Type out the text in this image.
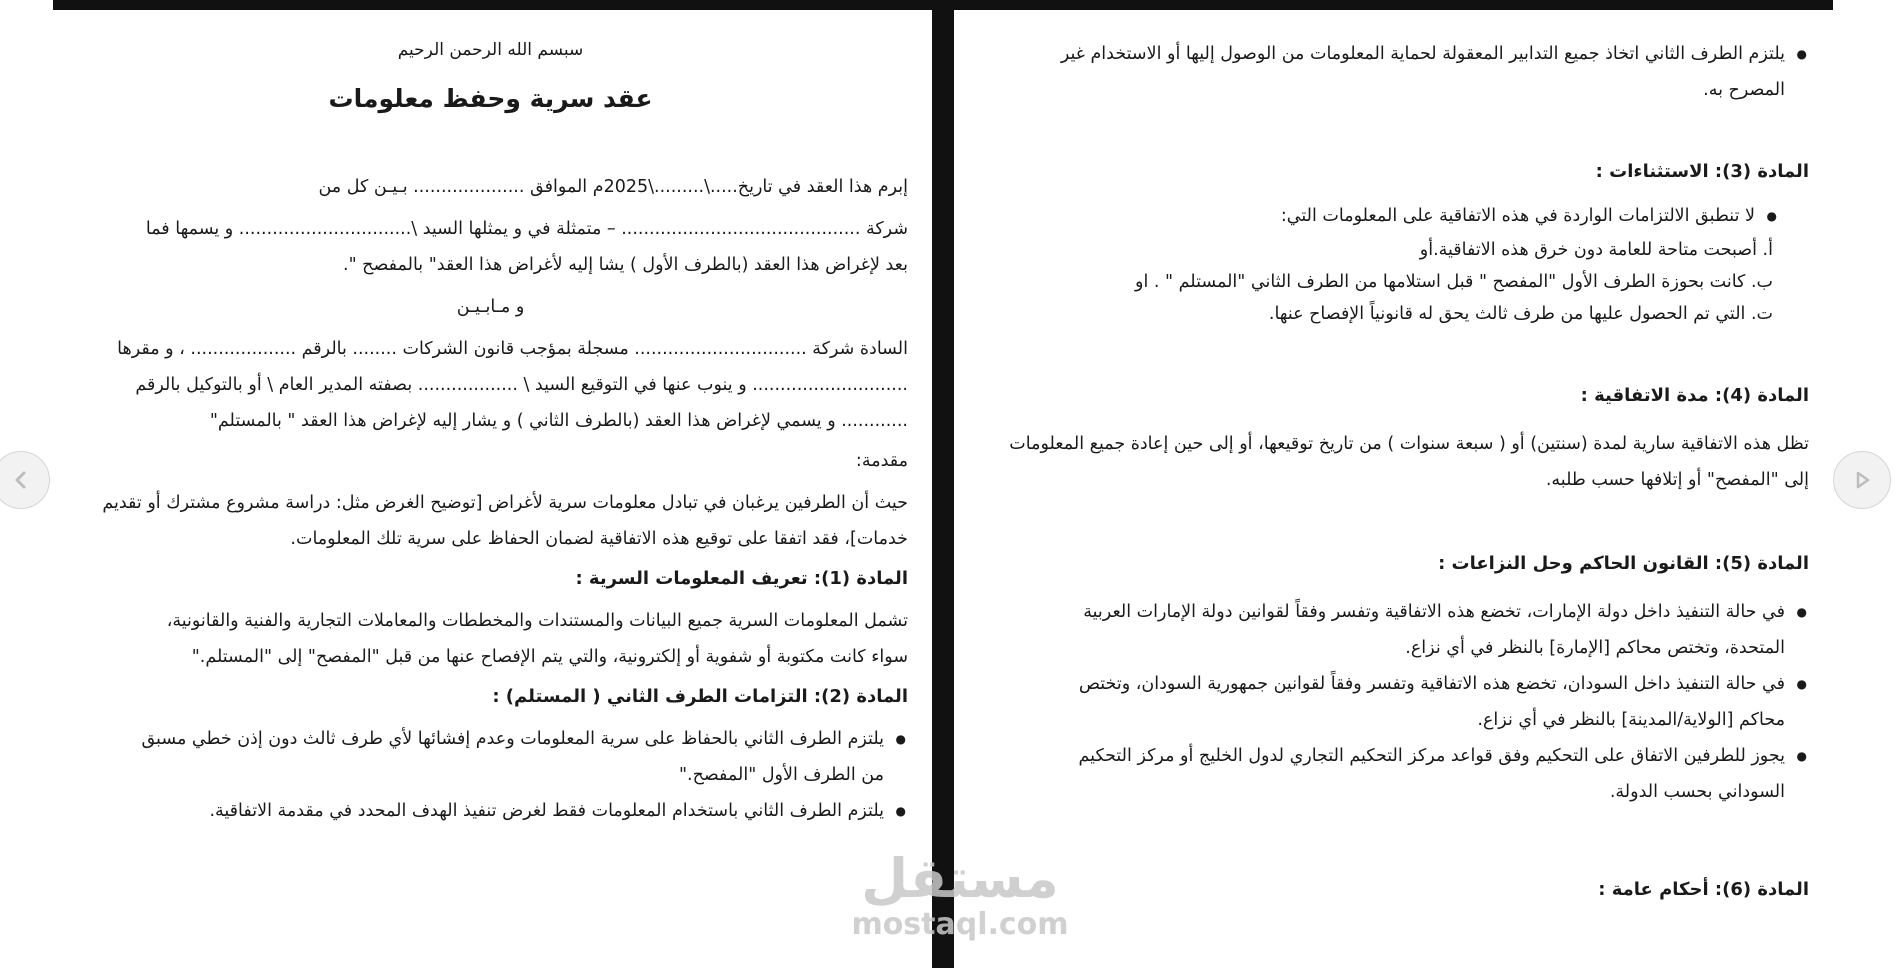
سبسم الله الرحمن الرحيم

عقد سرية وحفظ معلومات

إبرم هذا العقد في تاريخ.....\.........\2025م الموافق .................... بـيـن كل من

شركة ........................................... – متمثلة في و يمثلها السيد \............................... و يسمها فما

بعد لإغراض هذا العقد (بالطرف الأول ) يشا إليه لأغراض هذا العقد" بالمفصح ".

و مـابـيـن

السادة شركة ............................... مسجلة بمؤجب قانون الشركات ........ بالرقم ................... ، و مقرها

............................ و ينوب عنها في التوقيع السيد \ .................. بصفته المدير العام \ أو بالتوكيل بالرقم

............ و يسمي لإغراض هذا العقد (بالطرف الثاني ) و يشار إليه لإغراض هذا العقد " بالمستلم"

مقدمة:

حيث أن الطرفين يرغبان في تبادل معلومات سرية لأغراض [توضيح الغرض مثل: دراسة مشروع مشترك أو تقديم

خدمات]، فقد اتفقا على توقيع هذه الاتفاقية لضمان الحفاظ على سرية تلك المعلومات.

المادة (1): تعريف المعلومات السرية :

تشمل المعلومات السرية جميع البيانات والمستندات والمخططات والمعاملات التجارية والفنية والقانونية،

سواء كانت مكتوبة أو شفوية أو إلكترونية، والتي يتم الإفصاح عنها من قبل "المفصح" إلى "المستلم."

المادة (2): التزامات الطرف الثاني ( المستلم) :

● يلتزم الطرف الثاني بالحفاظ على سرية المعلومات وعدم إفشائها لأي طرف ثالث دون إذن خطي مسبق
من الطرف الأول "المفصح."
● يلتزم الطرف الثاني باستخدام المعلومات فقط لغرض تنفيذ الهدف المحدد في مقدمة الاتفاقية.
● يلتزم الطرف الثاني اتخاذ جميع التدابير المعقولة لحماية المعلومات من الوصول إليها أو الاستخدام غير
المصرح به.

المادة (3): الاستثناءات :

● لا تنطبق الالتزامات الواردة في هذه الاتفاقية على المعلومات التي:

أ. أصبحت متاحة للعامة دون خرق هذه الاتفاقية.أو

ب. كانت بحوزة الطرف الأول "المفصح " قبل استلامها من الطرف الثاني "المستلم " . او

ت. التي تم الحصول عليها من طرف ثالث يحق له قانونياً الإفصاح عنها.

المادة (4): مدة الاتفاقية :

تظل هذه الاتفاقية سارية لمدة (سنتين) أو ( سبعة سنوات ) من تاريخ توقيعها، أو إلى حين إعادة جميع المعلومات

إلى "المفصح" أو إتلافها حسب طلبه.

المادة (5): القانون الحاكم وحل النزاعات :

● في حالة التنفيذ داخل دولة الإمارات، تخضع هذه الاتفاقية وتفسر وفقاً لقوانين دولة الإمارات العربية
المتحدة، وتختص محاكم [الإمارة] بالنظر في أي نزاع.
● في حالة التنفيذ داخل السودان، تخضع هذه الاتفاقية وتفسر وفقاً لقوانين جمهورية السودان، وتختص
محاكم [الولاية/المدينة] بالنظر في أي نزاع.
● يجوز للطرفين الاتفاق على التحكيم وفق قواعد مركز التحكيم التجاري لدول الخليج أو مركز التحكيم
السوداني بحسب الدولة.

المادة (6): أحكام عامة :

مستقل
mostaql.com
